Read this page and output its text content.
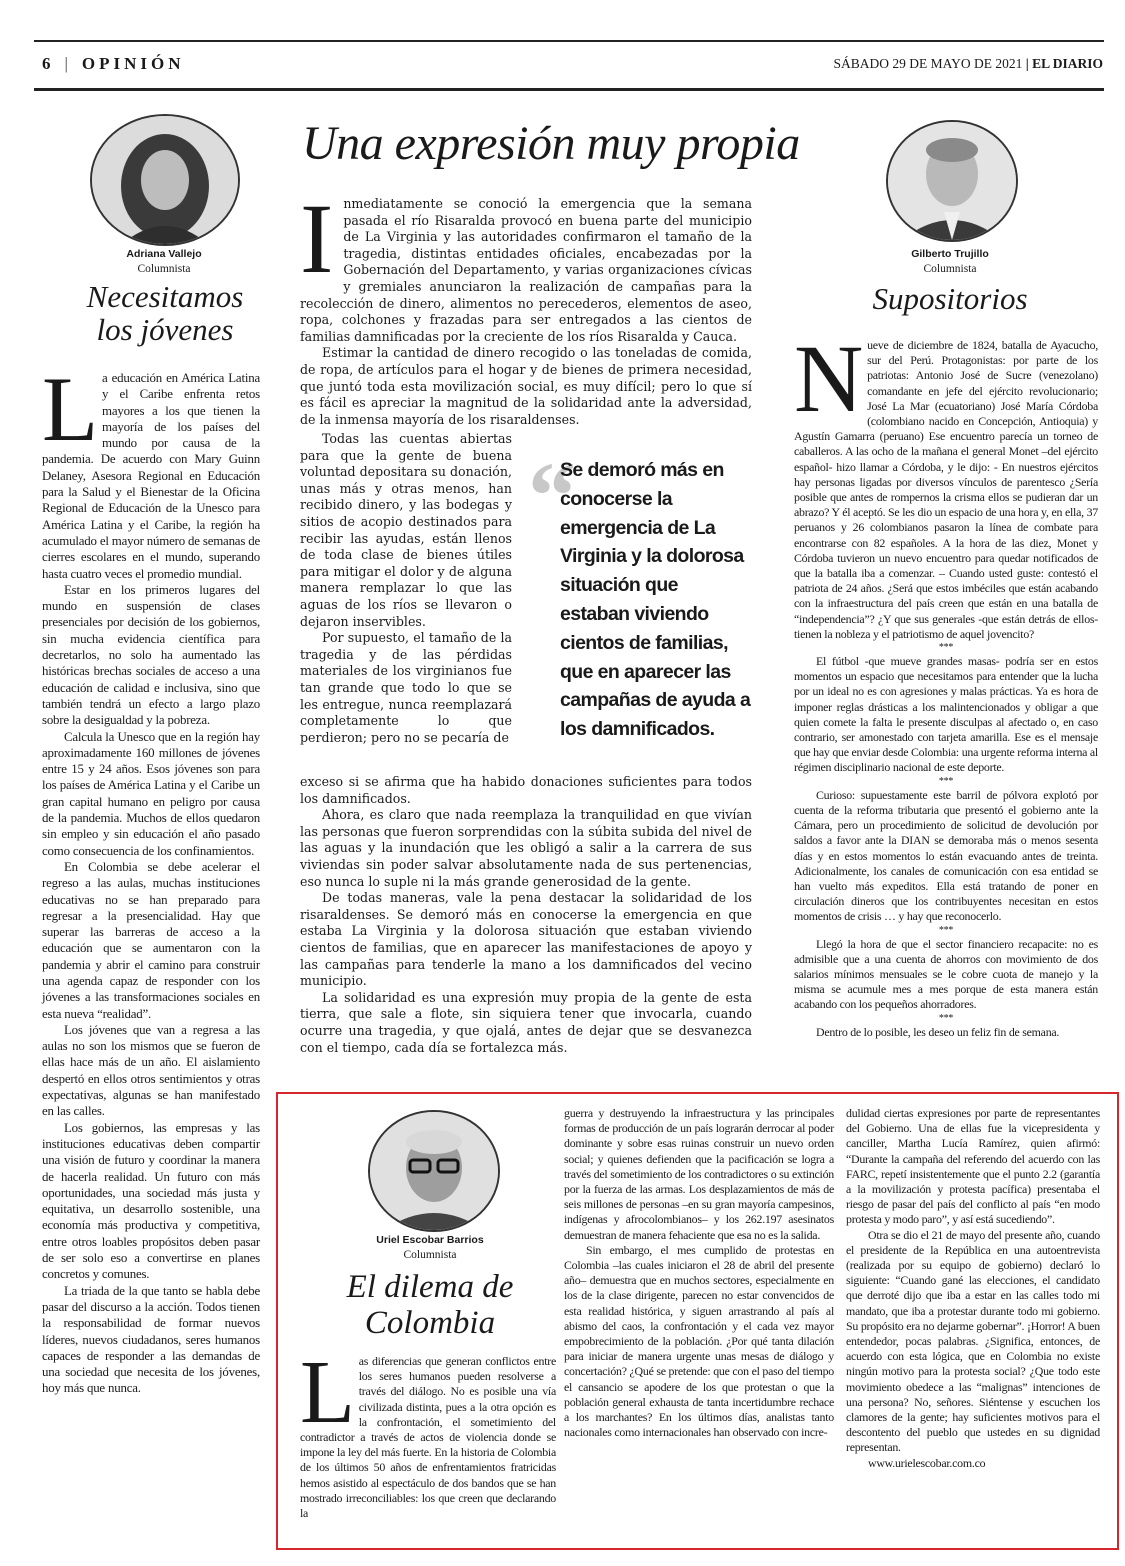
6 | OPINIÓN	SÁBADO 29 DE MAYO DE 2021 | EL DIARIO
Adriana Vallejo
Columnista
Necesitamos
los jóvenes

La educación en América Latina y el Caribe enfrenta retos mayores a los que tienen la mayoría de los países del mundo por causa de la pandemia. De acuerdo con Mary Guinn Delaney, Asesora Regional en Educación para la Salud y el Bienestar de la Oficina Regional de Educación de la Unesco para América Latina y el Caribe, la región ha acumulado el mayor número de semanas de cierres escolares en el mundo, superando hasta cuatro veces el promedio mundial.

Estar en los primeros lugares del mundo en suspensión de clases presenciales por decisión de los gobiernos, sin mucha evidencia científica para decretarlos, no solo ha aumentado las históricas brechas sociales de acceso a una educación de calidad e inclusiva, sino que también tendrá un efecto a largo plazo sobre la desigualdad y la pobreza.

Calcula la Unesco que en la región hay aproximadamente 160 millones de jóvenes entre 15 y 24 años. Esos jóvenes son para los países de América Latina y el Caribe un gran capital humano en peligro por causa de la pandemia. Muchos de ellos quedaron sin empleo y sin educación el año pasado como consecuencia de los confinamientos.

En Colombia se debe acelerar el regreso a las aulas, muchas instituciones educativas no se han preparado para regresar a la presencialidad. Hay que superar las barreras de acceso a la educación que se aumentaron con la pandemia y abrir el camino para construir una agenda capaz de responder con los jóvenes a las transformaciones sociales en esta nueva “realidad”.

Los jóvenes que van a regresa a las aulas no son los mismos que se fueron de ellas hace más de un año. El aislamiento despertó en ellos otros sentimientos y otras expectativas, algunas se han manifestado en las calles.

Los gobiernos, las empresas y las instituciones educativas deben compartir una visión de futuro y coordinar la manera de hacerla realidad. Un futuro con más oportunidades, una sociedad más justa y equitativa, un desarrollo sostenible, una economía más productiva y competitiva, entre otros loables propósitos deben pasar de ser solo eso a convertirse en planes concretos y comunes.

La triada de la que tanto se habla debe pasar del discurso a la acción. Todos tienen la responsabilidad de formar nuevos líderes, nuevos ciudadanos, seres humanos capaces de responder a las demandas de una sociedad que necesita de los jóvenes, hoy más que nunca.

Una expresión muy propia

Inmediatamente se conoció la emergencia que la semana pasada el río Risaralda provocó en buena parte del municipio de La Virginia y las autoridades confirmaron el tamaño de la tragedia, distintas entidades oficiales, encabezadas por la Gobernación del Departamento, y varias organizaciones cívicas y gremiales anunciaron la realización de campañas para la recolección de dinero, alimentos no perecederos, elementos de aseo, ropa, colchones y frazadas para ser entregados a las cientos de familias damnificadas por la creciente de los ríos Risaralda y Cauca.

Estimar la cantidad de dinero recogido o las toneladas de comida, de ropa, de artículos para el hogar y de bienes de primera necesidad, que juntó toda esta movilización social, es muy difícil; pero lo que sí es fácil es apreciar la magnitud de la solidaridad ante la adversidad, de la inmensa mayoría de los risaraldenses.

Todas las cuentas abiertas para que la gente de buena voluntad depositara su donación, unas más y otras menos, han recibido dinero, y las bodegas y sitios de acopio destinados para recibir las ayudas, están llenos de toda clase de bienes útiles para mitigar el dolor y de alguna manera remplazar lo que las aguas de los ríos se llevaron o dejaron inservibles.

Por supuesto, el tamaño de la tragedia y de las pérdidas materiales de los virginianos fue tan grande que todo lo que se les entregue, nunca reemplazará completamente lo que perdieron; pero no se pecaría de

“
Se demoró más en conocerse la emergencia de La Virginia y la dolorosa situación que estaban viviendo cientos de familias, que en aparecer las campañas de ayuda a los damnificados.

exceso si se afirma que ha habido donaciones suficientes para todos los damnificados.

Ahora, es claro que nada reemplaza la tranquilidad en que vivían las personas que fueron sorprendidas con la súbita subida del nivel de las aguas y la inundación que les obligó a salir a la carrera de sus viviendas sin poder salvar absolutamente nada de sus pertenencias, eso nunca lo suple ni la más grande generosidad de la gente.

De todas maneras, vale la pena destacar la solidaridad de los risaraldenses. Se demoró más en conocerse la emergencia en que estaba La Virginia y la dolorosa situación que estaban viviendo cientos de familias, que en aparecer las manifestaciones de apoyo y las campañas para tenderle la mano a los damnificados del vecino municipio.

La solidaridad es una expresión muy propia de la gente de esta tierra, que sale a flote, sin siquiera tener que invocarla, cuando ocurre una tragedia, y que ojalá, antes de dejar que se desvanezca con el tiempo, cada día se fortalezca más.

Gilberto Trujillo
Columnista
Supositorios

Nueve de diciembre de 1824, batalla de Ayacucho, sur del Perú. Protagonistas: por parte de los patriotas: Antonio José de Sucre (venezolano) comandante en jefe del ejército revolucionario; José La Mar (ecuatoriano) José María Córdoba (colombiano nacido en Concepción, Antioquia) y Agustín Gamarra (peruano) Ese encuentro parecía un torneo de caballeros. A las ocho de la mañana el general Monet –del ejército español- hizo llamar a Córdoba, y le dijo: - En nuestros ejércitos hay personas ligadas por diversos vínculos de parentesco ¿Sería posible que antes de rompernos la crisma ellos se pudieran dar un abrazo? Y él aceptó. Se les dio un espacio de una hora y, en ella, 37 peruanos y 26 colombianos pasaron la línea de combate para encontrarse con 82 españoles. A la hora de las diez, Monet y Córdoba tuvieron un nuevo encuentro para quedar notificados de que la batalla iba a comenzar. – Cuando usted guste: contestó el patriota de 24 años. ¿Será que estos imbéciles que están acabando con la infraestructura del país creen que están en una batalla de “independencia”? ¿Y que sus generales -que están detrás de ellos- tienen la nobleza y el patriotismo de aquel jovencito?

***

El fútbol -que mueve grandes masas- podría ser en estos momentos un espacio que necesitamos para entender que la lucha por un ideal no es con agresiones y malas prácticas. Ya es hora de imponer reglas drásticas a los malintencionados y obligar a que quien comete la falta le presente disculpas al afectado o, en caso contrario, ser amonestado con tarjeta amarilla. Ese es el mensaje que hay que enviar desde Colombia: una urgente reforma interna al régimen disciplinario nacional de este deporte.

***

Curioso: supuestamente este barril de pólvora explotó por cuenta de la reforma tributaria que presentó el gobierno ante la Cámara, pero un procedimiento de solicitud de devolución por saldos a favor ante la DIAN se demoraba más o menos sesenta días y en estos momentos lo están evacuando antes de treinta. Adicionalmente, los canales de comunicación con esa entidad se han vuelto más expeditos. Ella está tratando de poner en circulación dineros que los contribuyentes necesitan en estos momentos de crisis … y hay que reconocerlo.

***

Llegó la hora de que el sector financiero recapacite: no es admisible que a una cuenta de ahorros con movimiento de dos salarios mínimos mensuales se le cobre cuota de manejo y la misma se acumule mes a mes porque de esta manera están acabando con los pequeños ahorradores.

***

Dentro de lo posible, les deseo un feliz fin de semana.

Uriel Escobar Barrios
Columnista
El dilema de
Colombia

Las diferencias que generan conflictos entre los seres humanos pueden resolverse a través del diálogo. No es posible una vía civilizada distinta, pues a la otra opción es la confrontación, el sometimiento del contradictor a través de actos de violencia donde se impone la ley del más fuerte. En la historia de Colombia de los últimos 50 años de enfrentamientos fratricidas hemos asistido al espectáculo de dos bandos que se han mostrado irreconciliables: los que creen que declarando la

guerra y destruyendo la infraestructura y las principales formas de producción de un país lograrán derrocar al poder dominante y sobre esas ruinas construir un nuevo orden social; y quienes defienden que la pacificación se logra a través del sometimiento de los contradictores o su extinción por la fuerza de las armas. Los desplazamientos de más de seis millones de personas –en su gran mayoría campesinos, indígenas y afrocolombianos– y los 262.197 asesinatos demuestran de manera fehaciente que esa no es la salida.

Sin embargo, el mes cumplido de protestas en Colombia –las cuales iniciaron el 28 de abril del presente año– demuestra que en muchos sectores, especialmente en los de la clase dirigente, parecen no estar convencidos de esta realidad histórica, y siguen arrastrando al país al abismo del caos, la confrontación y el cada vez mayor empobrecimiento de la población. ¿Por qué tanta dilación para iniciar de manera urgente unas mesas de diálogo y concertación? ¿Qué se pretende: que con el paso del tiempo el cansancio se apodere de los que protestan o que la población general exhausta de tanta incertidumbre rechace a los marchantes? En los últimos días, analistas tanto nacionales como internacionales han observado con incre-

dulidad ciertas expresiones por parte de representantes del Gobierno. Una de ellas fue la vicepresidenta y canciller, Martha Lucía Ramírez, quien afirmó: “Durante la campaña del referendo del acuerdo con las FARC, repetí insistentemente que el punto 2.2 (garantía a la movilización y protesta pacífica) presentaba el riesgo de pasar del país del conflicto al país “en modo protesta y modo paro”, y así está sucediendo”.

Otra se dio el 21 de mayo del presente año, cuando el presidente de la República en una autoentrevista (realizada por su equipo de gobierno) declaró lo siguiente: “Cuando gané las elecciones, el candidato que derroté dijo que iba a estar en las calles todo mi mandato, que iba a protestar durante todo mi gobierno. Su propósito era no dejarme gobernar”. ¡Horror! A buen entendedor, pocas palabras. ¿Significa, entonces, de acuerdo con esta lógica, que en Colombia no existe ningún motivo para la protesta social? ¿Que todo este movimiento obedece a las “malignas” intenciones de una persona? No, señores. Siéntense y escuchen los clamores de la gente; hay suficientes motivos para el descontento del pueblo que ustedes en su dignidad representan.

www.urielescobar.com.co
